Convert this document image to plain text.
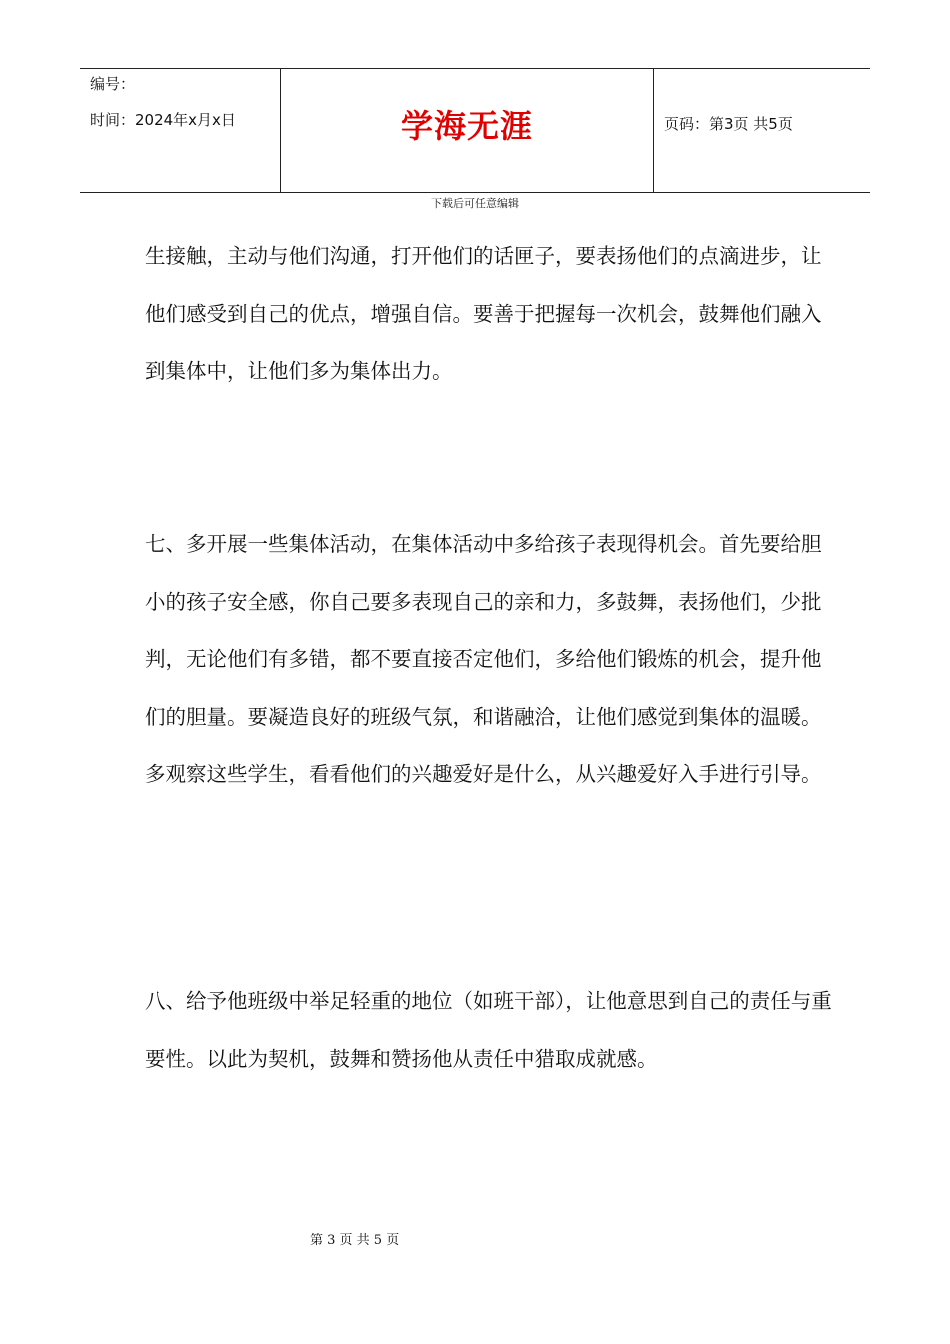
编号：
时间：2024年x月x日	学海无涯	页码：第3页 共5页
下载后可任意编辑

生接触，主动与他们沟通，打开他们的话匣子，要表扬他们的点滴进步，让他们感受到自己的优点，增强自信。要善于把握每一次机会，鼓舞他们融入到集体中，让他们多为集体出力。

七、多开展一些集体活动，在集体活动中多给孩子表现得机会。首先要给胆小的孩子安全感，你自己要多表现自己的亲和力，多鼓舞，表扬他们，少批判，无论他们有多错，都不要直接否定他们，多给他们锻炼的机会，提升他们的胆量。要凝造良好的班级气氛，和谐融洽，让他们感觉到集体的温暖。多观察这些学生，看看他们的兴趣爱好是什么，从兴趣爱好入手进行引导。

八、给予他班级中举足轻重的地位（如班干部），让他意思到自己的责任与重要性。以此为契机，鼓舞和赞扬他从责任中猎取成就感。

第 3 页 共 5 页
